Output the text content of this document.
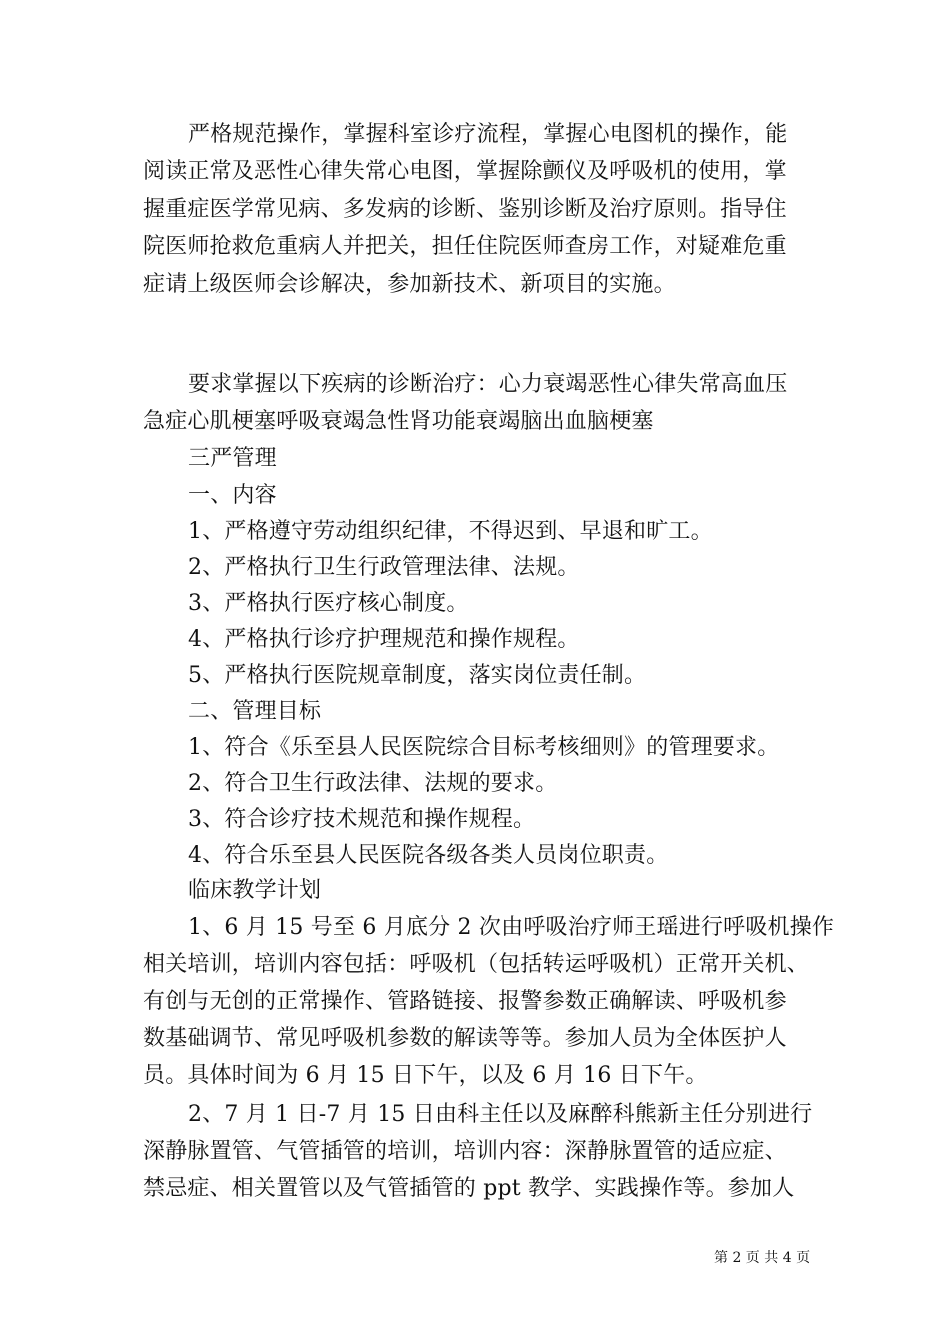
严格规范操作，掌握科室诊疗流程，掌握心电图机的操作，能
阅读正常及恶性心律失常心电图，掌握除颤仪及呼吸机的使用，掌
握重症医学常见病、多发病的诊断、鉴别诊断及治疗原则。指导住
院医师抢救危重病人并把关，担任住院医师查房工作，对疑难危重
症请上级医师会诊解决，参加新技术、新项目的实施。
要求掌握以下疾病的诊断治疗：心力衰竭恶性心律失常高血压
急症心肌梗塞呼吸衰竭急性肾功能衰竭脑出血脑梗塞
三严管理
一、内容
1、严格遵守劳动组织纪律，不得迟到、早退和旷工。
2、严格执行卫生行政管理法律、法规。
3、严格执行医疗核心制度。
4、严格执行诊疗护理规范和操作规程。
5、严格执行医院规章制度，落实岗位责任制。
二、管理目标
1、符合《乐至县人民医院综合目标考核细则》的管理要求。
2、符合卫生行政法律、法规的要求。
3、符合诊疗技术规范和操作规程。
4、符合乐至县人民医院各级各类人员岗位职责。
临床教学计划
1、6 月 15 号至 6 月底分 2 次由呼吸治疗师王瑶进行呼吸机操作
相关培训，培训内容包括：呼吸机（包括转运呼吸机）正常开关机、
有创与无创的正常操作、管路链接、报警参数正确解读、呼吸机参
数基础调节、常见呼吸机参数的解读等等。参加人员为全体医护人
员。具体时间为 6 月 15 日下午，以及 6 月 16 日下午。
2、7 月 1 日-7 月 15 日由科主任以及麻醉科熊新主任分别进行
深静脉置管、气管插管的培训，培训内容：深静脉置管的适应症、
禁忌症、相关置管以及气管插管的 ppt 教学、实践操作等。参加人
第 2 页 共 4 页
